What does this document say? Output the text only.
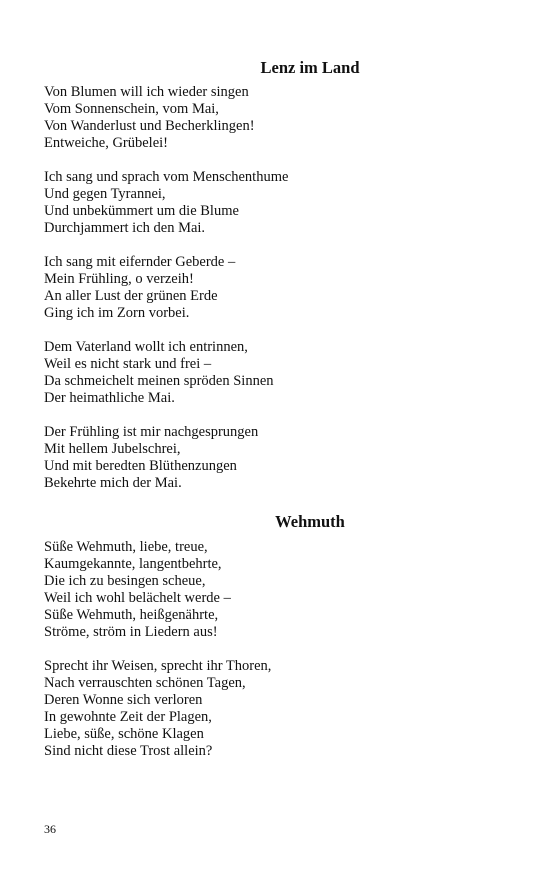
Lenz im Land

Von Blumen will ich wieder singen
Vom Sonnenschein, vom Mai,
Von Wanderlust und Becherklingen!
Entweiche, Grübelei!

Ich sang und sprach vom Menschenthume
Und gegen Tyrannei,
Und unbekümmert um die Blume
Durchjammert ich den Mai.

Ich sang mit eifernder Geberde –
Mein Frühling, o verzeih!
An aller Lust der grünen Erde
Ging ich im Zorn vorbei.

Dem Vaterland wollt ich entrinnen,
Weil es nicht stark und frei –
Da schmeichelt meinen spröden Sinnen
Der heimathliche Mai.

Der Frühling ist mir nachgesprungen
Mit hellem Jubelschrei,
Und mit beredten Blüthenzungen
Bekehrte mich der Mai.

Wehmuth

Süße Wehmuth, liebe, treue,
Kaumgekannte, langentbehrte,
Die ich zu besingen scheue,
Weil ich wohl belächelt werde –
Süße Wehmuth, heißgenährte,
Ströme, ström in Liedern aus!

Sprecht ihr Weisen, sprecht ihr Thoren,
Nach verrauschten schönen Tagen,
Deren Wonne sich verloren
In gewohnte Zeit der Plagen,
Liebe, süße, schöne Klagen
Sind nicht diese Trost allein?

36
